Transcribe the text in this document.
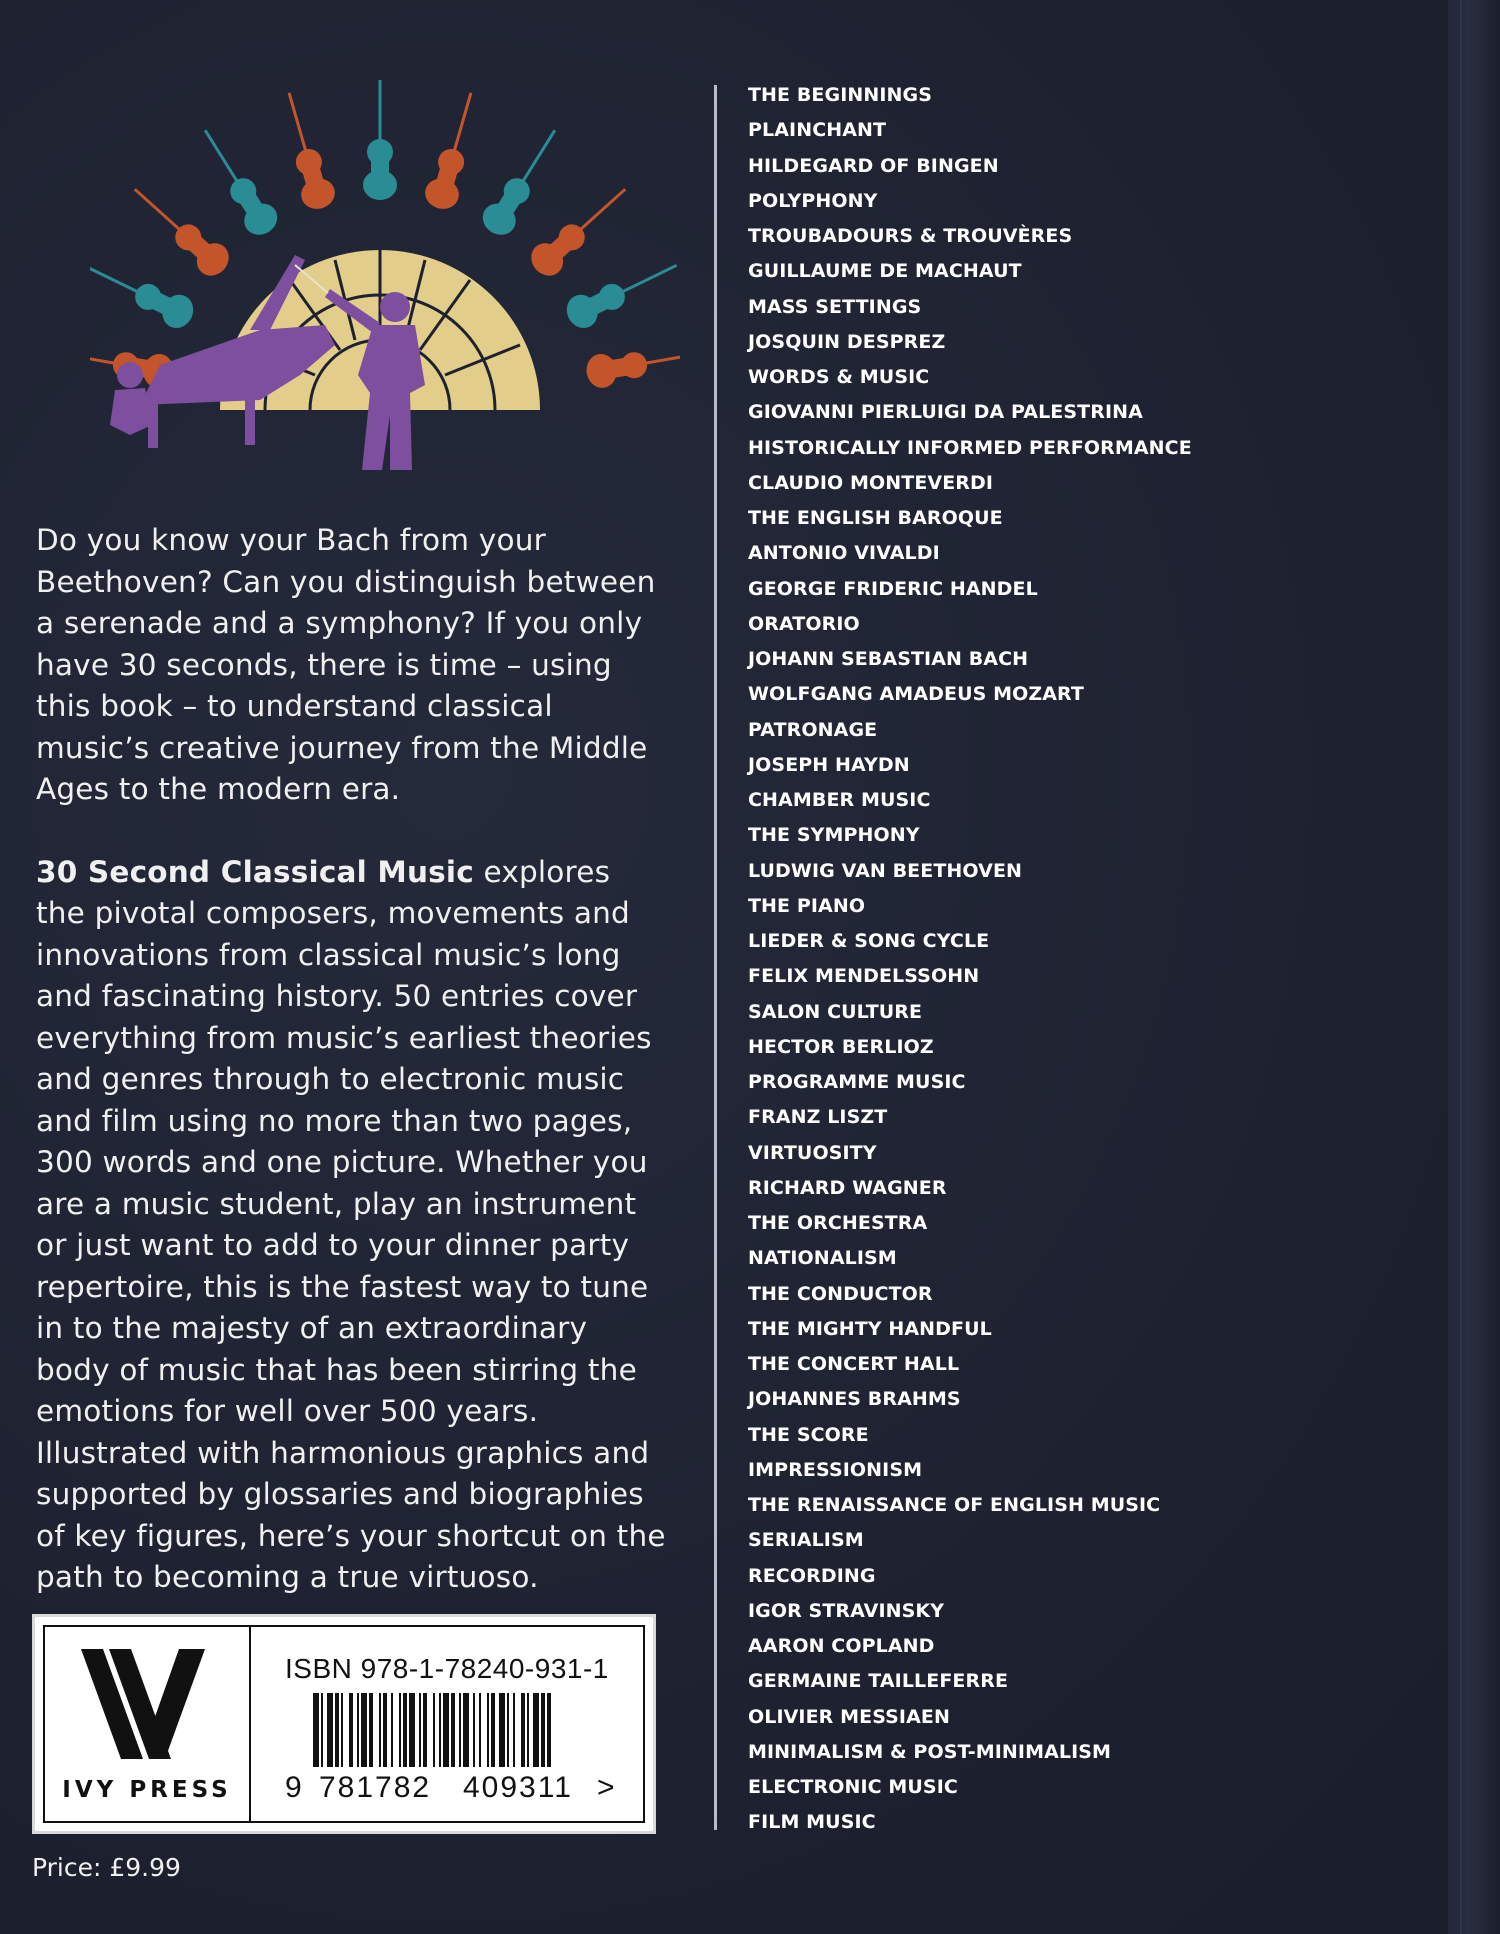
Do you know your Bach from your Beethoven? Can you distinguish between a serenade and a symphony? If you only have 30 seconds, there is time – using this book – to understand classical music’s creative journey from the Middle Ages to the modern era.

30 Second Classical Music explores the pivotal composers, movements and innovations from classical music’s long and fascinating history. 50 entries cover everything from music’s earliest theories and genres through to electronic music and film using no more than two pages, 300 words and one picture. Whether you are a music student, play an instrument or just want to add to your dinner party repertoire, this is the fastest way to tune in to the majesty of an extraordinary body of music that has been stirring the emotions for well over 500 years. Illustrated with harmonious graphics and supported by glossaries and biographies of key figures, here’s your shortcut on the path to becoming a true virtuoso.

THE BEGINNINGS
PLAINCHANT
HILDEGARD OF BINGEN
POLYPHONY
TROUBADOURS & TROUVÈRES
GUILLAUME DE MACHAUT
MASS SETTINGS
JOSQUIN DESPREZ
WORDS & MUSIC
GIOVANNI PIERLUIGI DA PALESTRINA
HISTORICALLY INFORMED PERFORMANCE
CLAUDIO MONTEVERDI
THE ENGLISH BAROQUE
ANTONIO VIVALDI
GEORGE FRIDERIC HANDEL
ORATORIO
JOHANN SEBASTIAN BACH
WOLFGANG AMADEUS MOZART
PATRONAGE
JOSEPH HAYDN
CHAMBER MUSIC
THE SYMPHONY
LUDWIG VAN BEETHOVEN
THE PIANO
LIEDER & SONG CYCLE
FELIX MENDELSSOHN
SALON CULTURE
HECTOR BERLIOZ
PROGRAMME MUSIC
FRANZ LISZT
VIRTUOSITY
RICHARD WAGNER
THE ORCHESTRA
NATIONALISM
THE CONDUCTOR
THE MIGHTY HANDFUL
THE CONCERT HALL
JOHANNES BRAHMS
THE SCORE
IMPRESSIONISM
THE RENAISSANCE OF ENGLISH MUSIC
SERIALISM
RECORDING
IGOR STRAVINSKY
AARON COPLAND
GERMAINE TAILLEFERRE
OLIVIER MESSIAEN
MINIMALISM & POST-MINIMALISM
ELECTRONIC MUSIC
FILM MUSIC
IVY PRESS
ISBN 978-1-78240-931-1
9 781782 409311 >
Price: £9.99
